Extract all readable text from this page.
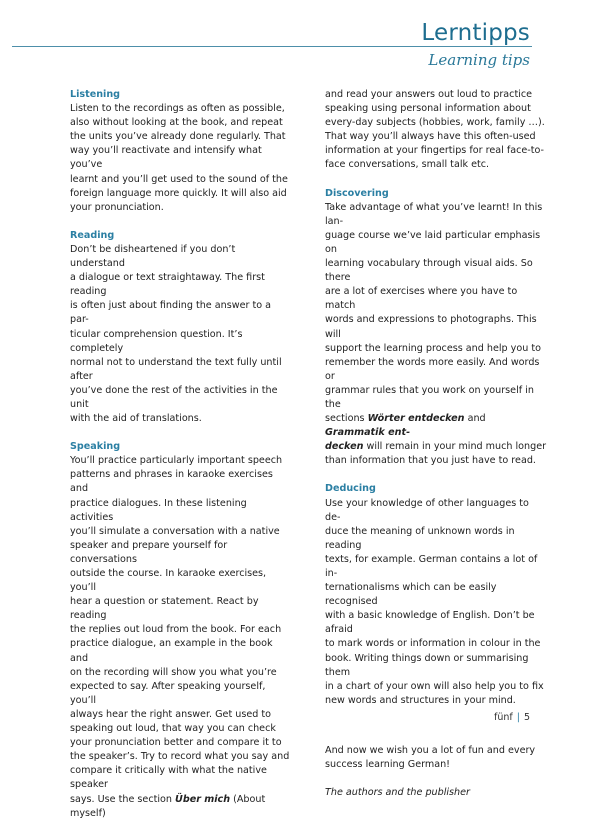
Lerntipps
Learning tips
Listening
Listen to the recordings as often as possible,
also without looking at the book, and repeat
the units you’ve already done regularly. That
way you’ll reactivate and intensify what you’ve
learnt and you’ll get used to the sound of the
foreign language more quickly. It will also aid
your pronunciation.
Reading
Don’t be disheartened if you don’t understand
a dialogue or text straightaway. The first reading
is often just about finding the answer to a par-
ticular comprehension question. It’s completely
normal not to understand the text fully until after
you’ve done the rest of the activities in the unit
with the aid of translations.
Speaking
You’ll practice particularly important speech
patterns and phrases in karaoke exercises and
practice dialogues. In these listening activities
you’ll simulate a conversation with a native
speaker and prepare yourself for conversations
outside the course. In karaoke exercises, you’ll
hear a question or statement. React by reading
the replies out loud from the book. For each
practice dialogue, an example in the book and
on the recording will show you what you’re
expected to say. After speaking yourself, you’ll
always hear the right answer. Get used to
speaking out loud, that way you can check
your pronunciation better and compare it to
the speaker’s. Try to record what you say and
compare it critically with what the native speaker
says. Use the section Über mich (About myself)
and read your answers out loud to practice
speaking using personal information about
every-day subjects (hobbies, work, family …).
That way you’ll always have this often-used
information at your fingertips for real face-to-
face conversations, small talk etc.
Discovering
Take advantage of what you’ve learnt! In this lan-
guage course we’ve laid particular emphasis on
learning vocabulary through visual aids. So there
are a lot of exercises where you have to match
words and expressions to photographs. This will
support the learning process and help you to
remember the words more easily. And words or
grammar rules that you work on yourself in the
sections Wörter entdecken and Grammatik ent-
decken will remain in your mind much longer
than information that you just have to read.
Deducing
Use your knowledge of other languages to de-
duce the meaning of unknown words in reading
texts, for example. German contains a lot of in-
ternationalisms which can be easily recognised
with a basic knowledge of English. Don’t be afraid
to mark words or information in colour in the
book. Writing things down or summarising them
in a chart of your own will also help you to fix
new words and structures in your mind.
And now we wish you a lot of fun and every
success learning German!
The authors and the publisher
fünf | 5
